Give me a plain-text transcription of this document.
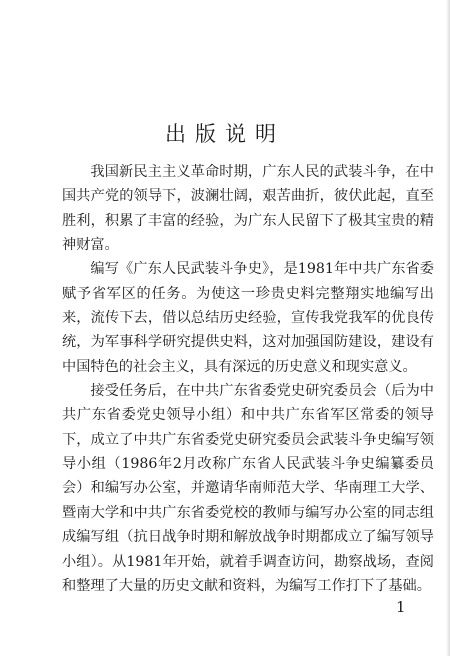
出版说明

我国新民主主义革命时期，广东人民的武装斗争，在中国共产党的领导下，波澜壮阔，艰苦曲折，彼伏此起，直至胜利，积累了丰富的经验，为广东人民留下了极其宝贵的精神财富。

编写《广东人民武装斗争史》，是1981年中共广东省委赋予省军区的任务。为使这一珍贵史料完整翔实地编写出来，流传下去，借以总结历史经验，宣传我党我军的优良传统，为军事科学研究提供史料，这对加强国防建设，建设有中国特色的社会主义，具有深远的历史意义和现实意义。

接受任务后，在中共广东省委党史研究委员会（后为中共广东省委党史领导小组）和中共广东省军区常委的领导下，成立了中共广东省委党史研究委员会武装斗争史编写领导小组（1986年2月改称广东省人民武装斗争史编纂委员会）和编写办公室，并邀请华南师范大学、华南理工大学、暨南大学和中共广东省委党校的教师与编写办公室的同志组成编写组（抗日战争时期和解放战争时期都成立了编写领导小组）。从1981年开始，就着手调查访问，勘察战场，查阅和整理了大量的历史文献和资料，为编写工作打下了基础。

1
